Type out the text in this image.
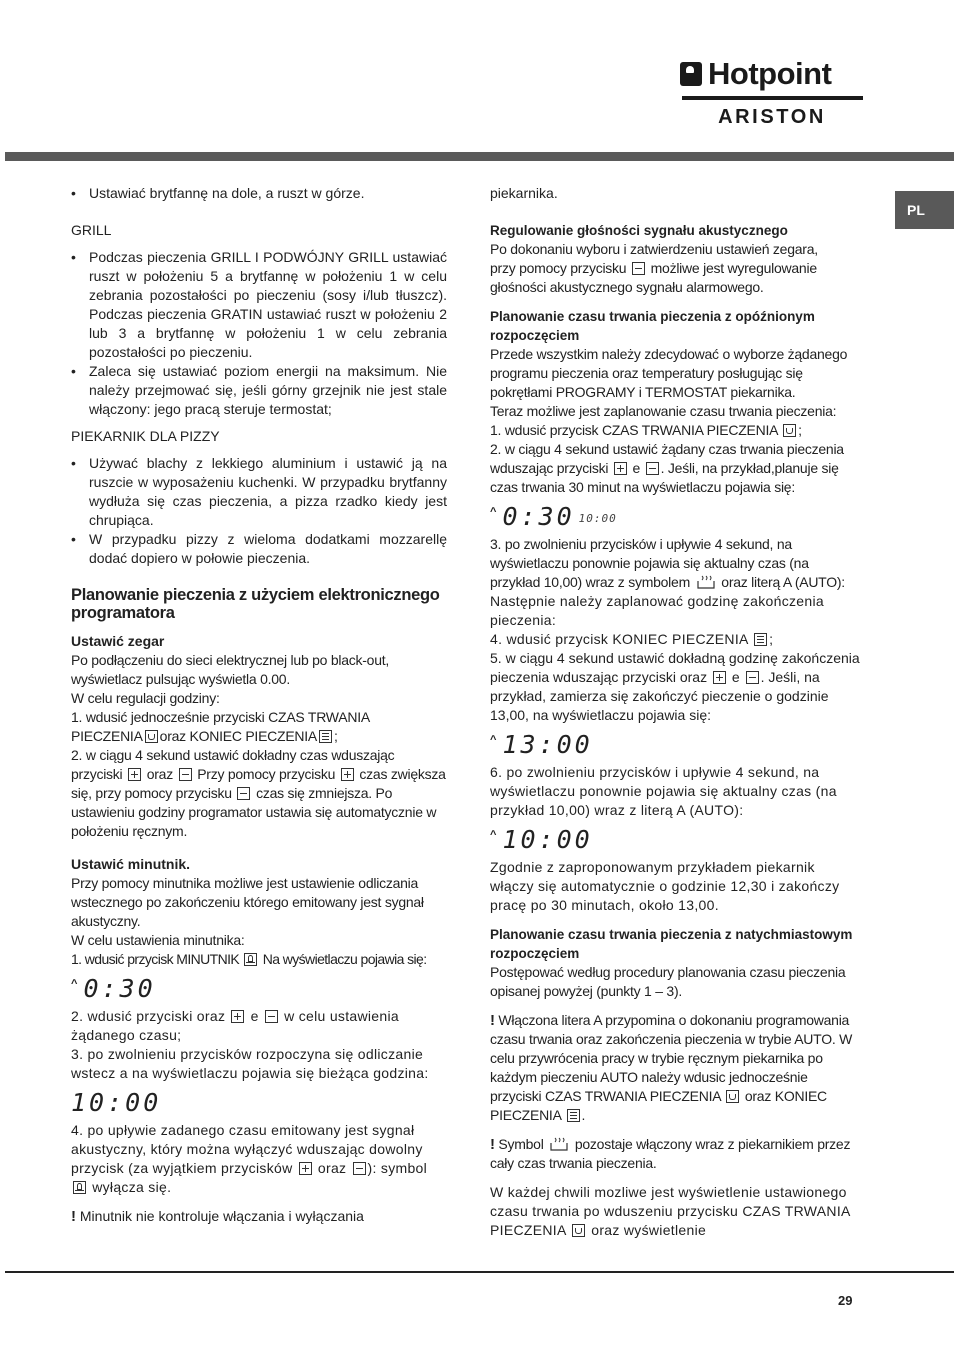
Hotpoint
ARISTON
PL
• Ustawiać brytfannę na dole, a ruszt w górze.

GRILL

• Podczas pieczenia GRILL I PODWÓJNY GRILL ustawiać ruszt w położeniu 5 a brytfannę w położeniu 1 w celu zebrania pozostałości po pieczeniu (sosy i/lub tłuszcz). Podczas pieczenia GRATIN ustawiać ruszt w położeniu 2 lub 3 a brytfannę w położeniu 1 w celu zebrania pozostałości po pieczeniu.
• Zaleca się ustawiać poziom energii na maksimum. Nie należy przejmować się, jeśli górny grzejnik nie jest stale włączony: jego pracą steruje termostat;

PIEKARNIK DLA PIZZY

• Używać blachy z lekkiego aluminium i ustawić ją na ruszcie w wyposażeniu kuchenki. W przypadku brytfanny wydłuża się czas pieczenia, a pizza rzadko kiedy jest chrupiąca.
• W przypadku pizzy z wieloma dodatkami mozzarellę dodać dopiero w połowie pieczenia.

Planowanie pieczenia z użyciem elektronicznego programatora

Ustawić zegar

Po podłączeniu do sieci elektrycznej lub po black-out, wyświetlacz pulsując wyświetla 0.00.

W celu regulacji godziny:

1. wdusić jednocześnie przyciski CZAS TRWANIA
PIECZENIA oraz KONIEC PIECZENIA ;

2. w ciągu 4 sekund ustawić dokładny czas wduszając
przyciski oraz Przy pomocy przycisku czas zwiększa się, przy pomocy przycisku czas się zmniejsza. Po ustawieniu godziny programator ustawia się automatycznie w położeniu ręcznym.

Ustawić minutnik.

Przy pomocy minutnika możliwe jest ustawienie odliczania wstecznego po zakończeniu którego emitowany jest sygnał akustyczny.

W celu ustawienia minutnika:

1. wdusić przycisk MINUTNIK Na wyświetlaczu pojawia się:

^ 0:30

2. wdusić przyciski oraz e w celu ustawienia żądanego czasu;

3. po zwolnieniu przycisków rozpoczyna się odliczanie wstecz a na wyświetlaczu pojawia się bieżąca godzina:

10:00

4. po upływie zadanego czasu emitowany jest sygnał akustyczny, który można wyłączyć wduszając dowolny przycisk (za wyjątkiem przycisków oraz ): symbol  wyłącza się.

! Minutnik nie kontroluje włączania i wyłączania

piekarnika.

Regulowanie głośności sygnału akustycznego

Po dokonaniu wyboru i zatwierdzeniu ustawień zegara,

przy pomocy przycisku możliwe jest wyregulowanie

głośności akustycznego sygnału alarmowego.

Planowanie czasu trwania pieczenia z opóźnionym rozpoczęciem

Przede wszystkim należy zdecydować o wyborze żądanego programu pieczenia oraz temperatury posługując się pokrętłami PROGRAMY i TERMOSTAT piekarnika.

Teraz możliwe jest zaplanowanie czasu trwania pieczenia:

1. wdusić przycisk CZAS TRWANIA PIECZENIA ;

2. w ciągu 4 sekund ustawić żądany czas trwania pieczenia
wduszając przyciski e . Jeśli, na przykład,planuje się
czas trwania 30 minut na wyświetlaczu pojawia się:

^ 0:30 10:00

3. po zwolnieniu przycisków i upływie 4 sekund, na wyświetlaczu ponownie pojawia się aktualny czas (na przykład 10,00) wraz z symbolem oraz literą A (AUTO):

Następnie należy zaplanować godzinę zakończenia pieczenia:

4. wdusić przycisk KONIEC PIECZENIA ;

5. w ciągu 4 sekund ustawić dokładną godzinę zakończenia pieczenia wduszając przyciski oraz e . Jeśli, na przykład, zamierza się zakończyć pieczenie o godzinie 13,00, na wyświetlaczu pojawia się:

^ 13:00

6. po zwolnieniu przycisków i upływie 4 sekund, na wyświetlaczu ponownie pojawia się aktualny czas (na przykład 10,00) wraz z literą A (AUTO):

^ 10:00

Zgodnie z zaproponowanym przykładem piekarnik włączy się automatycznie o godzinie 12,30 i zakończy pracę po 30 minutach, około 13,00.

Planowanie czasu trwania pieczenia z natychmiastowym rozpoczęciem

Postępować według procedury planowania czasu pieczenia opisanej powyżej (punkty 1 – 3).

! Włączona litera A przypomina o dokonaniu programowania czasu trwania oraz zakończenia pieczenia w trybie AUTO. W celu przywrócenia pracy w trybie ręcznym piekarnika po każdym pieczeniu AUTO należy wdusic jednocześnie przyciski CZAS TRWANIA PIECZENIA oraz KONIEC PIECZENIA .

! Symbol pozostaje włączony wraz z piekarnikiem przez cały czas trwania pieczenia.

W każdej chwili mozliwe jest wyświetlenie ustawionego czasu trwania po wduszeniu przycisku CZAS TRWANIA PIECZENIA oraz wyświetlenie

29
